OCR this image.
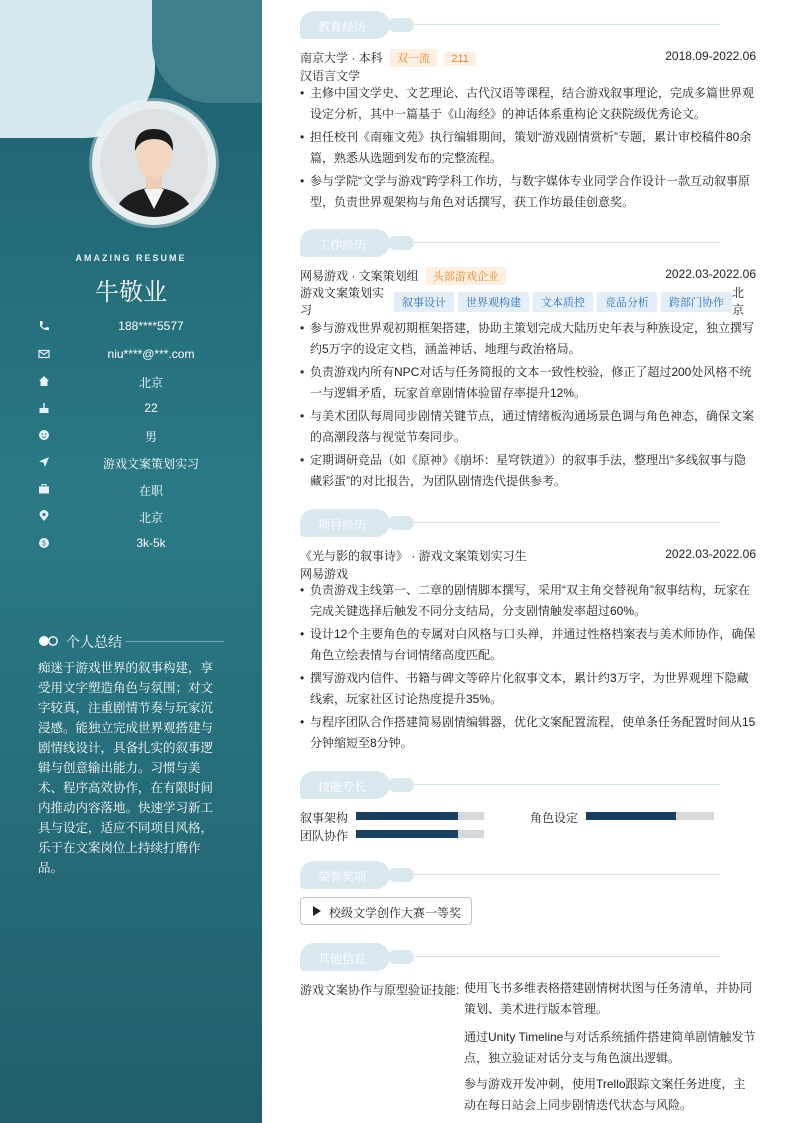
AMAZING RESUME
牛敬业
188****5577
niu****@***.com
北京
22
男
游戏文案策划实习
在职
北京
$	3k-5k
个人总结
痴迷于游戏世界的叙事构建，享受用文字塑造角色与氛围；对文字较真，注重剧情节奏与玩家沉浸感。能独立完成世界观搭建与剧情线设计，具备扎实的叙事逻辑与创意输出能力。习惯与美术、程序高效协作，在有限时间内推动内容落地。快速学习新工具与设定，适应不同项目风格，乐于在文案岗位上持续打磨作品。
教育经历
南京大学 · 本科 双一流 211	2018.09-2022.06
汉语言文学
• 主修中国文学史、文艺理论、古代汉语等课程，结合游戏叙事理论，完成多篇世界观设定分析，其中一篇基于《山海经》的神话体系重构论文获院级优秀论文。
• 担任校刊《南雍文苑》执行编辑期间，策划“游戏剧情赏析”专题，累计审校稿件80余篇，熟悉从选题到发布的完整流程。
• 参与学院“文学与游戏”跨学科工作坊，与数字媒体专业同学合作设计一款互动叙事原型，负责世界观架构与角色对话撰写，获工作坊最佳创意奖。
工作经历
网易游戏 · 文案策划组 头部游戏企业	2022.03-2022.06
游戏文案策划实习	叙事设计 世界观构建 文本质控 竞品分析 跨部门协作
北京
• 参与游戏世界观初期框架搭建，协助主策划完成大陆历史年表与种族设定，独立撰写约5万字的设定文档，涵盖神话、地理与政治格局。
• 负责游戏内所有NPC对话与任务简报的文本一致性校验，修正了超过200处风格不统一与逻辑矛盾，玩家首章剧情体验留存率提升12%。
• 与美术团队每周同步剧情关键节点，通过情绪板沟通场景色调与角色神态，确保文案的高潮段落与视觉节奏同步。
• 定期调研竞品（如《原神》《崩坏：星穹铁道》）的叙事手法，整理出“多线叙事与隐藏彩蛋”的对比报告，为团队剧情迭代提供参考。
项目经历
《光与影的叙事诗》 · 游戏文案策划实习生	2022.03-2022.06
网易游戏
• 负责游戏主线第一、二章的剧情脚本撰写，采用“双主角交替视角”叙事结构，玩家在完成关键选择后触发不同分支结局，分支剧情触发率超过60%。
• 设计12个主要角色的专属对白风格与口头禅，并通过性格档案表与美术师协作，确保角色立绘表情与台词情绪高度匹配。
• 撰写游戏内信件、书籍与碑文等碎片化叙事文本，累计约3万字，为世界观埋下隐藏线索，玩家社区讨论热度提升35%。
• 与程序团队合作搭建简易剧情编辑器，优化文案配置流程，使单条任务配置时间从15分钟缩短至8分钟。
技能专长
叙事架构	角色设定
团队协作
荣誉奖项
校级文学创作大赛一等奖
其他信息
游戏文案协作与原型验证技能: 使用飞书多维表格搭建剧情树状图与任务清单，并协同策划、美术进行版本管理。

通过Unity Timeline与对话系统插件搭建简单剧情触发节点，独立验证对话分支与角色演出逻辑。

参与游戏开发冲刺，使用Trello跟踪文案任务进度，主动在每日站会上同步剧情迭代状态与风险。
